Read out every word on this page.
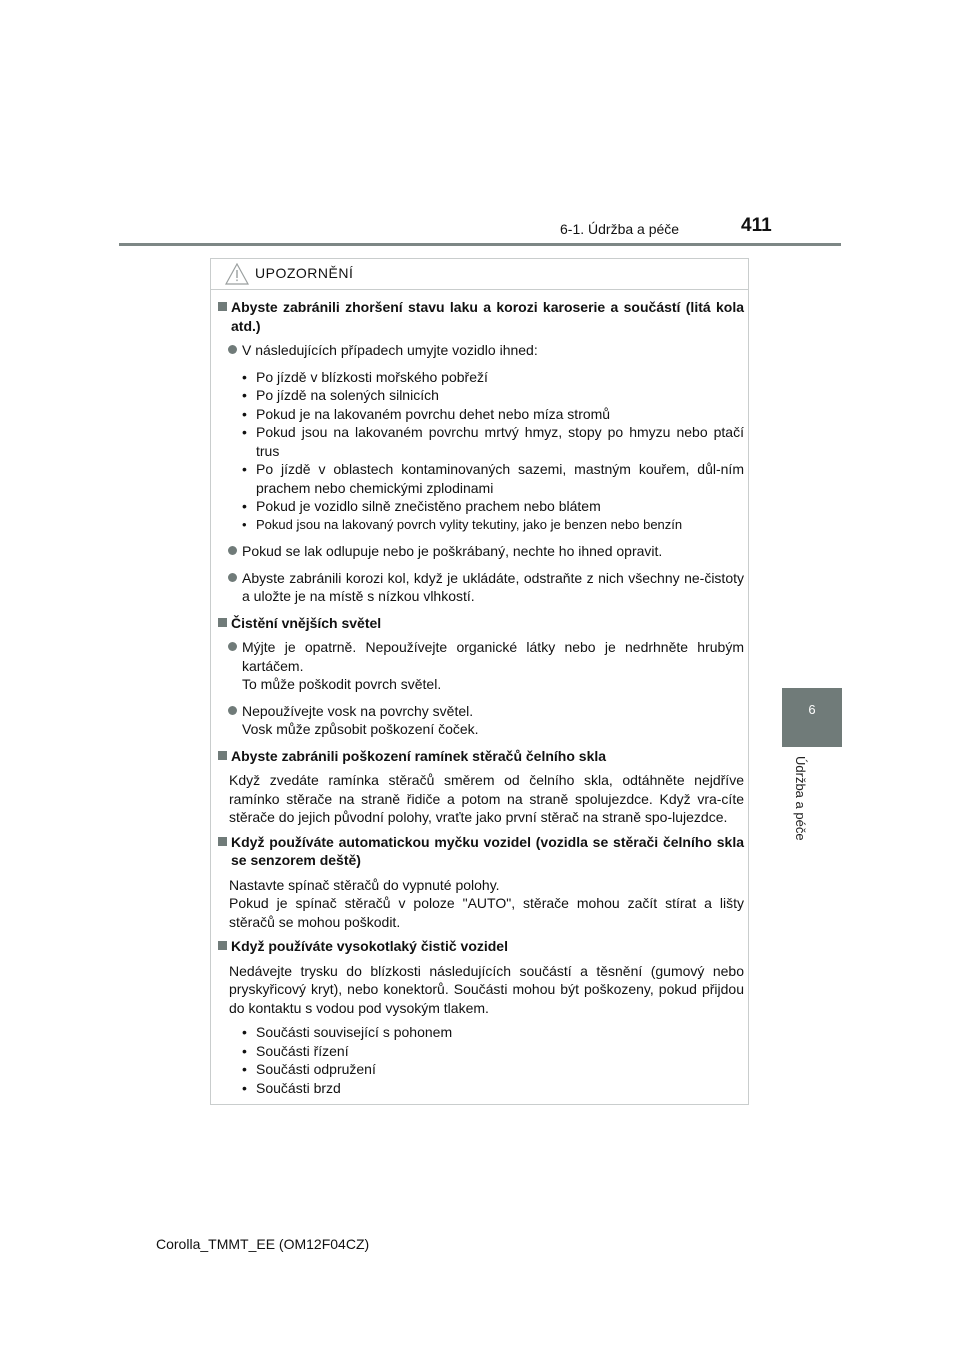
6-1. Údržba a péče	411
6
Údržba a péče
UPOZORNĚNÍ
Abyste zabránili zhoršení stavu laku a korozi karoserie a součástí (litá kola atd.)
V následujících případech umyjte vozidlo ihned:
• Po jízdě v blízkosti mořského pobřeží
• Po jízdě na solených silnicích
• Pokud je na lakovaném povrchu dehet nebo míza stromů
• Pokud jsou na lakovaném povrchu mrtvý hmyz, stopy po hmyzu nebo ptačí trus
• Po jízdě v oblastech kontaminovaných sazemi, mastným kouřem, důl-ním prachem nebo chemickými zplodinami
• Pokud je vozidlo silně znečistěno prachem nebo blátem
• Pokud jsou na lakovaný povrch vylity tekutiny, jako je benzen nebo benzín
Pokud se lak odlupuje nebo je poškrábaný, nechte ho ihned opravit.
Abyste zabránili korozi kol, když je ukládáte, odstraňte z nich všechny ne-čistoty a uložte je na místě s nízkou vlhkostí.
Čistění vnějších světel
Mýjte je opatrně. Nepoužívejte organické látky nebo je nedrhněte hrubým kartáčem.
To může poškodit povrch světel.
Nepoužívejte vosk na povrchy světel.
Vosk může způsobit poškození čoček.
Abyste zabránili poškození ramínek stěračů čelního skla
Když zvedáte ramínka stěračů směrem od čelního skla, odtáhněte nejdříve ramínko stěrače na straně řidiče a potom na straně spolujezdce. Když vra-cíte stěrače do jejich původní polohy, vraťte jako první stěrač na straně spo-lujezdce.
Když používáte automatickou myčku vozidel (vozidla se stěrači čelního skla se senzorem deště)
Nastavte spínač stěračů do vypnuté polohy.
Pokud je spínač stěračů v poloze "AUTO", stěrače mohou začít stírat a lišty stěračů se mohou poškodit.
Když používáte vysokotlaký čistič vozidel
Nedávejte trysku do blízkosti následujících součástí a těsnění (gumový nebo pryskyřicový kryt), nebo konektorů. Součásti mohou být poškozeny, pokud přijdou do kontaktu s vodou pod vysokým tlakem.
• Součásti související s pohonem
• Součásti řízení
• Součásti odpružení
• Součásti brzd
Corolla_TMMT_EE (OM12F04CZ)
